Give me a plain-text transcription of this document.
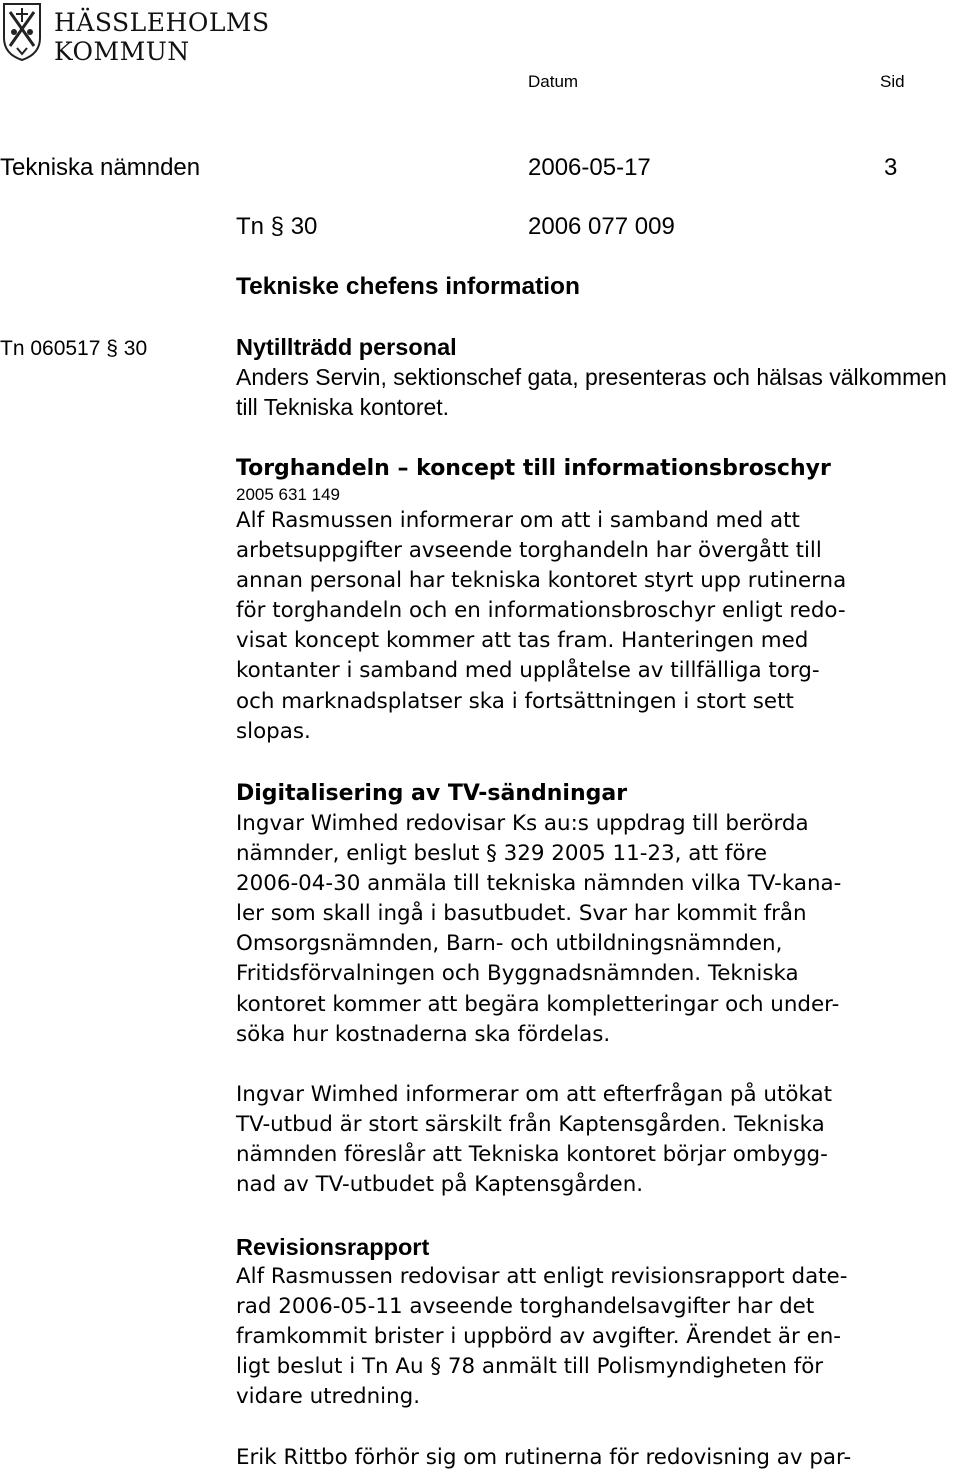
HÄSSLEHOLMS
KOMMUN
Datum	Sid
Tekniska nämnden	2006-05-17	3
Tn § 30	2006 077 009
Tekniske chefens information
Tn 060517 § 30	Nytillträdd personal
Anders Servin, sektionschef gata, presenteras och hälsas välkommen till Tekniska kontoret.
Torghandeln – koncept till informationsbroschyr
2005 631 149
Alf Rasmussen informerar om att i samband med att
arbetsuppgifter avseende torghandeln har övergått till
annan personal har tekniska kontoret styrt upp rutinerna
för torghandeln och en informationsbroschyr enligt redo-
visat koncept kommer att tas fram. Hanteringen med
kontanter i samband med upplåtelse av tillfälliga torg-
och marknadsplatser ska i fortsättningen i stort sett
slopas.
Digitalisering av TV-sändningar
Ingvar Wimhed redovisar Ks au:s uppdrag till berörda
nämnder, enligt beslut § 329 2005 11-23, att före
2006-04-30 anmäla till tekniska nämnden vilka TV-kana-
ler som skall ingå i basutbudet. Svar har kommit från
Omsorgsnämnden, Barn- och utbildningsnämnden,
Fritidsförvalningen och Byggnadsnämnden. Tekniska
kontoret kommer att begära kompletteringar och under-
söka hur kostnaderna ska fördelas.
Ingvar Wimhed informerar om att efterfrågan på utökat
TV-utbud är stort särskilt från Kaptensgården. Tekniska
nämnden föreslår att Tekniska kontoret börjar ombygg-
nad av TV-utbudet på Kaptensgården.
Revisionsrapport
Alf Rasmussen redovisar att enligt revisionsrapport date-
rad 2006-05-11 avseende torghandelsavgifter har det
framkommit brister i uppbörd av avgifter. Ärendet är en-
ligt beslut i Tn Au § 78 anmält till Polismyndigheten för
vidare utredning.
Erik Rittbo förhör sig om rutinerna för redovisning av par-
